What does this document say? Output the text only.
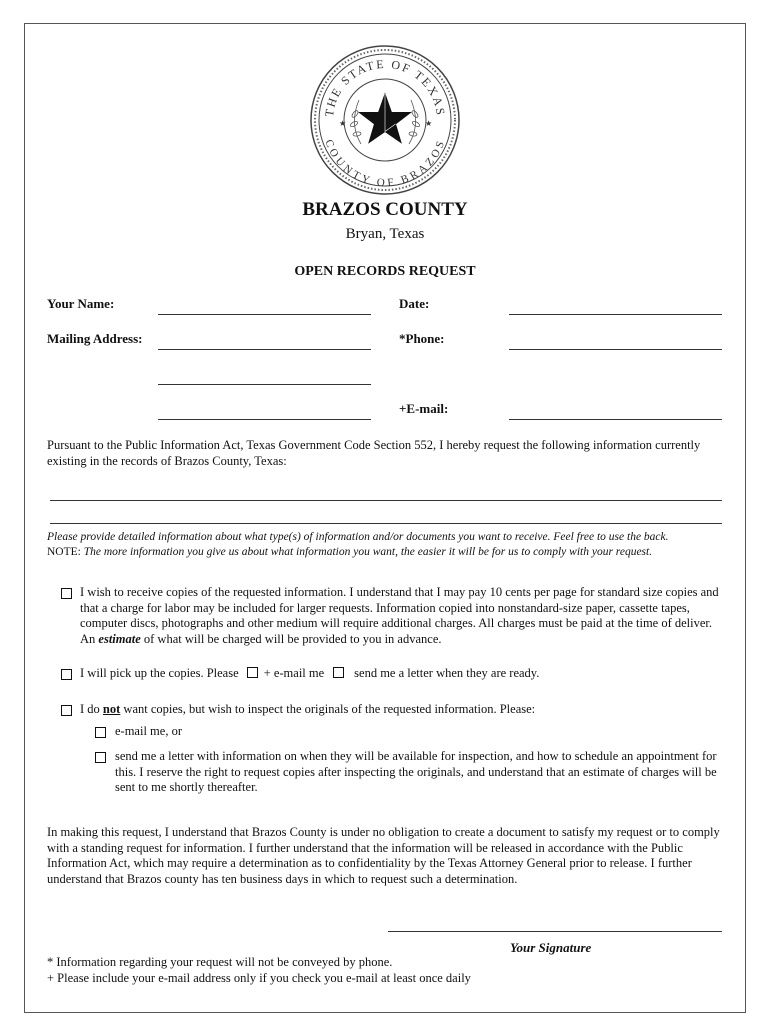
THE STATE OF TEXAS
COUNTY OF BRAZOS
★	★
BRAZOS COUNTY
Bryan, Texas
OPEN RECORDS REQUEST
Your Name:	Date:
Mailing Address:	*Phone:
+E-mail:
Pursuant to the Public Information Act, Texas Government Code Section 552, I hereby request the following information currently existing in the records of Brazos County, Texas:
Please provide detailed information about what type(s) of information and/or documents you want to receive. Feel free to use the back.
NOTE: The more information you give us about what information you want, the easier it will be for us to comply with your request.
I wish to receive copies of the requested information. I understand that I may pay 10 cents per page for standard size copies and that a charge for labor may be included for larger requests. Information copied into nonstandard-size paper, cassette tapes, computer discs, photographs and other medium will require additional charges. All charges must be paid at the time of deliver. An estimate of what will be charged will be provided to you in advance.
I will pick up the copies. Please + e-mail me send me a letter when they are ready.
I do not want copies, but wish to inspect the originals of the requested information. Please:
e-mail me, or
send me a letter with information on when they will be available for inspection, and how to schedule an appointment for this. I reserve the right to request copies after inspecting the originals, and understand that an estimate of charges will be sent to me shortly thereafter.
In making this request, I understand that Brazos County is under no obligation to create a document to satisfy my request or to comply with a standing request for information. I further understand that the information will be released in accordance with the Public Information Act, which may require a determination as to confidentiality by the Texas Attorney General prior to release. I further understand that Brazos county has ten business days in which to request such a determination.
Your Signature
* Information regarding your request will not be conveyed by phone.
+ Please include your e-mail address only if you check you e-mail at least once daily
